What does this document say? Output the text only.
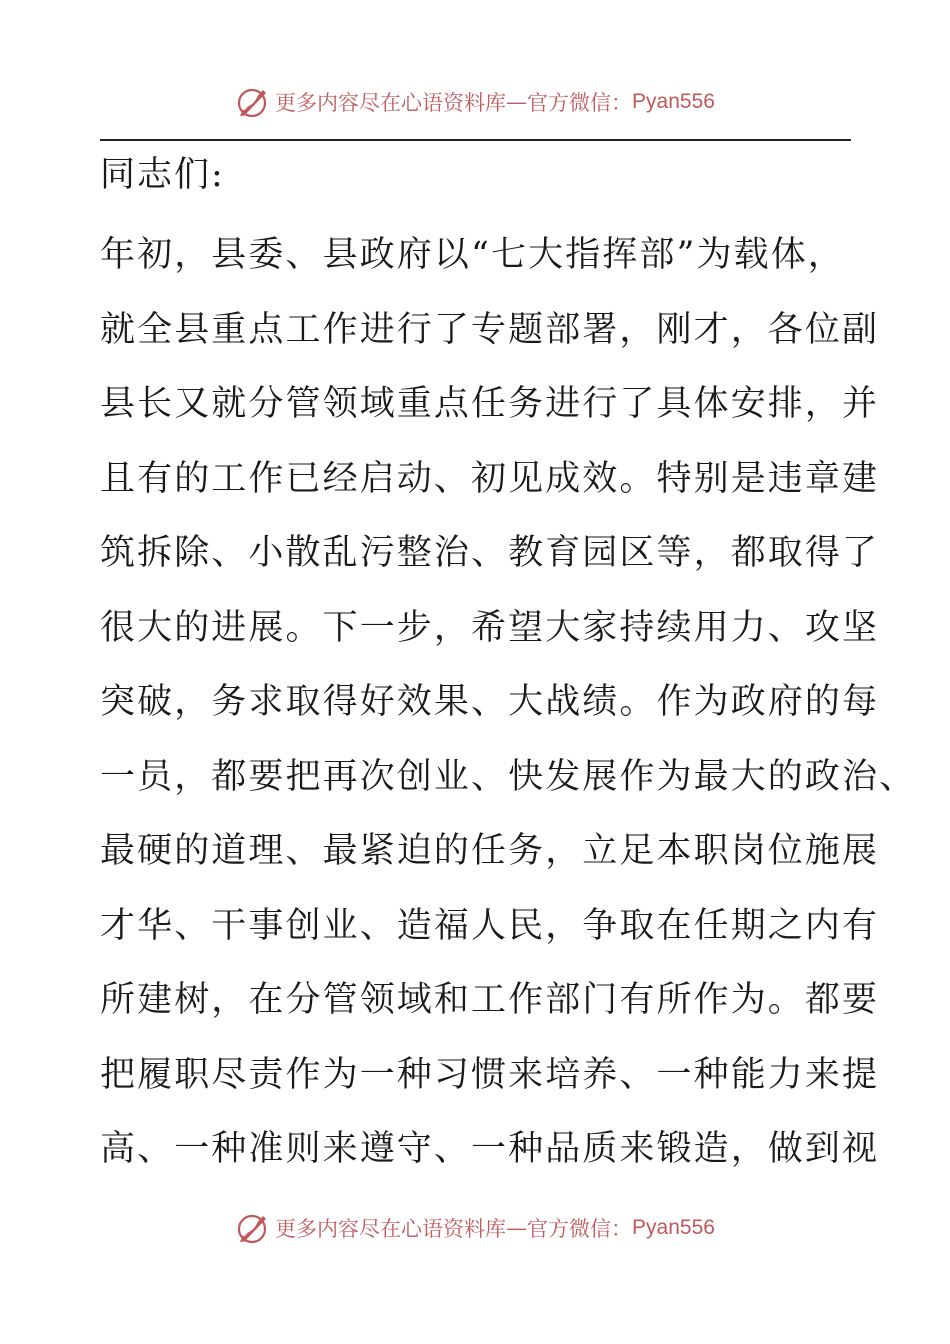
更多内容尽在心语资料库 — 官方微信： Pyan556
同志们:
年初，县委、县政府以“七大指挥部”为载体，
就全县重点工作进行了专题部署，刚才，各位副
县长又就分管领域重点任务进行了具体安排，并
且有的工作已经启动、初见成效。特别是违章建
筑拆除、小散乱污整治、教育园区等，都取得了
很大的进展。下一步，希望大家持续用力、攻坚
突破，务求取得好效果、大战绩。作为政府的每
一员，都要把再次创业、快发展作为最大的政治、
最硬的道理、最紧迫的任务，立足本职岗位施展
才华、干事创业、造福人民，争取在任期之内有
所建树，在分管领域和工作部门有所作为。都要
把履职尽责作为一种习惯来培养、一种能力来提
高、一种准则来遵守、一种品质来锻造，做到视
更多内容尽在心语资料库 — 官方微信： Pyan556
